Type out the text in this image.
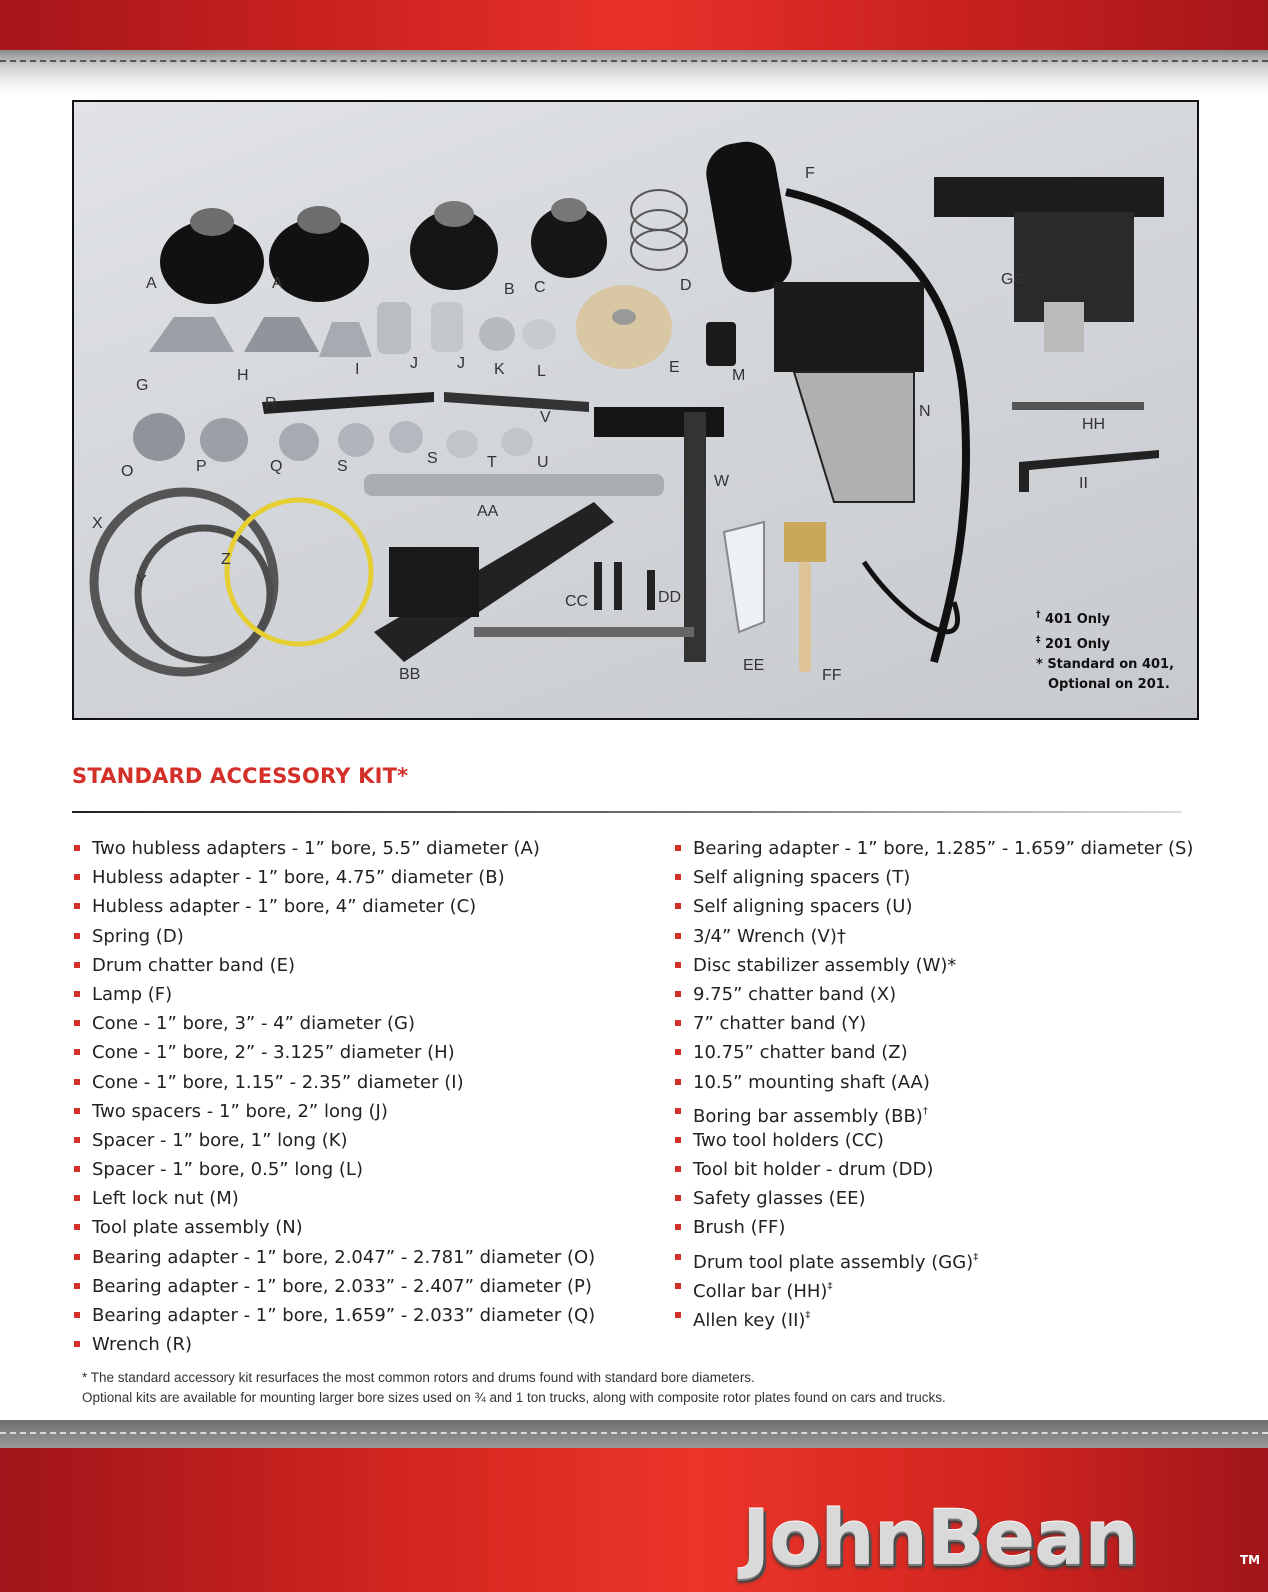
A	A	B C	D
F
GG
G
H	I	J J K L	E	M
R
V	N
HH
O	P	Q	S	S	T	U
W	II
X
AA
Z
Y
CC	DD
EE
FF
BB
† 401 Only
‡ 201 Only
* Standard on 401,
Optional on 201.
STANDARD ACCESSORY KIT*
Two hubless adapters - 1” bore, 5.5” diameter (A)
Hubless adapter - 1” bore, 4.75” diameter (B)
Hubless adapter - 1” bore, 4” diameter (C)
Spring (D)
Drum chatter band (E)
Lamp (F)
Cone - 1” bore, 3” - 4” diameter (G)
Cone - 1” bore, 2” - 3.125” diameter (H)
Cone - 1” bore, 1.15” - 2.35” diameter (I)
Two spacers - 1” bore, 2” long (J)
Spacer - 1” bore, 1” long (K)
Spacer - 1” bore, 0.5” long (L)
Left lock nut (M)
Tool plate assembly (N)
Bearing adapter - 1” bore, 2.047” - 2.781” diameter (O)
Bearing adapter - 1” bore, 2.033” - 2.407” diameter (P)
Bearing adapter - 1” bore, 1.659” - 2.033” diameter (Q)
Wrench (R)
Bearing adapter - 1” bore, 1.285” - 1.659” diameter (S)
Self aligning spacers (T)
Self aligning spacers (U)
3/4” Wrench (V)†
Disc stabilizer assembly (W)*
9.75” chatter band (X)
7” chatter band (Y)
10.75” chatter band (Z)
10.5” mounting shaft (AA)
Boring bar assembly (BB)†
Two tool holders (CC)
Tool bit holder - drum (DD)
Safety glasses (EE)
Brush (FF)
Drum tool plate assembly (GG)‡
Collar bar (HH)‡
Allen key (II)‡
* The standard accessory kit resurfaces the most common rotors and drums found with standard bore diameters.
Optional kits are available for mounting larger bore sizes used on ¾ and 1 ton trucks, along with composite rotor plates found on cars and trucks.
JohnBean	TM
